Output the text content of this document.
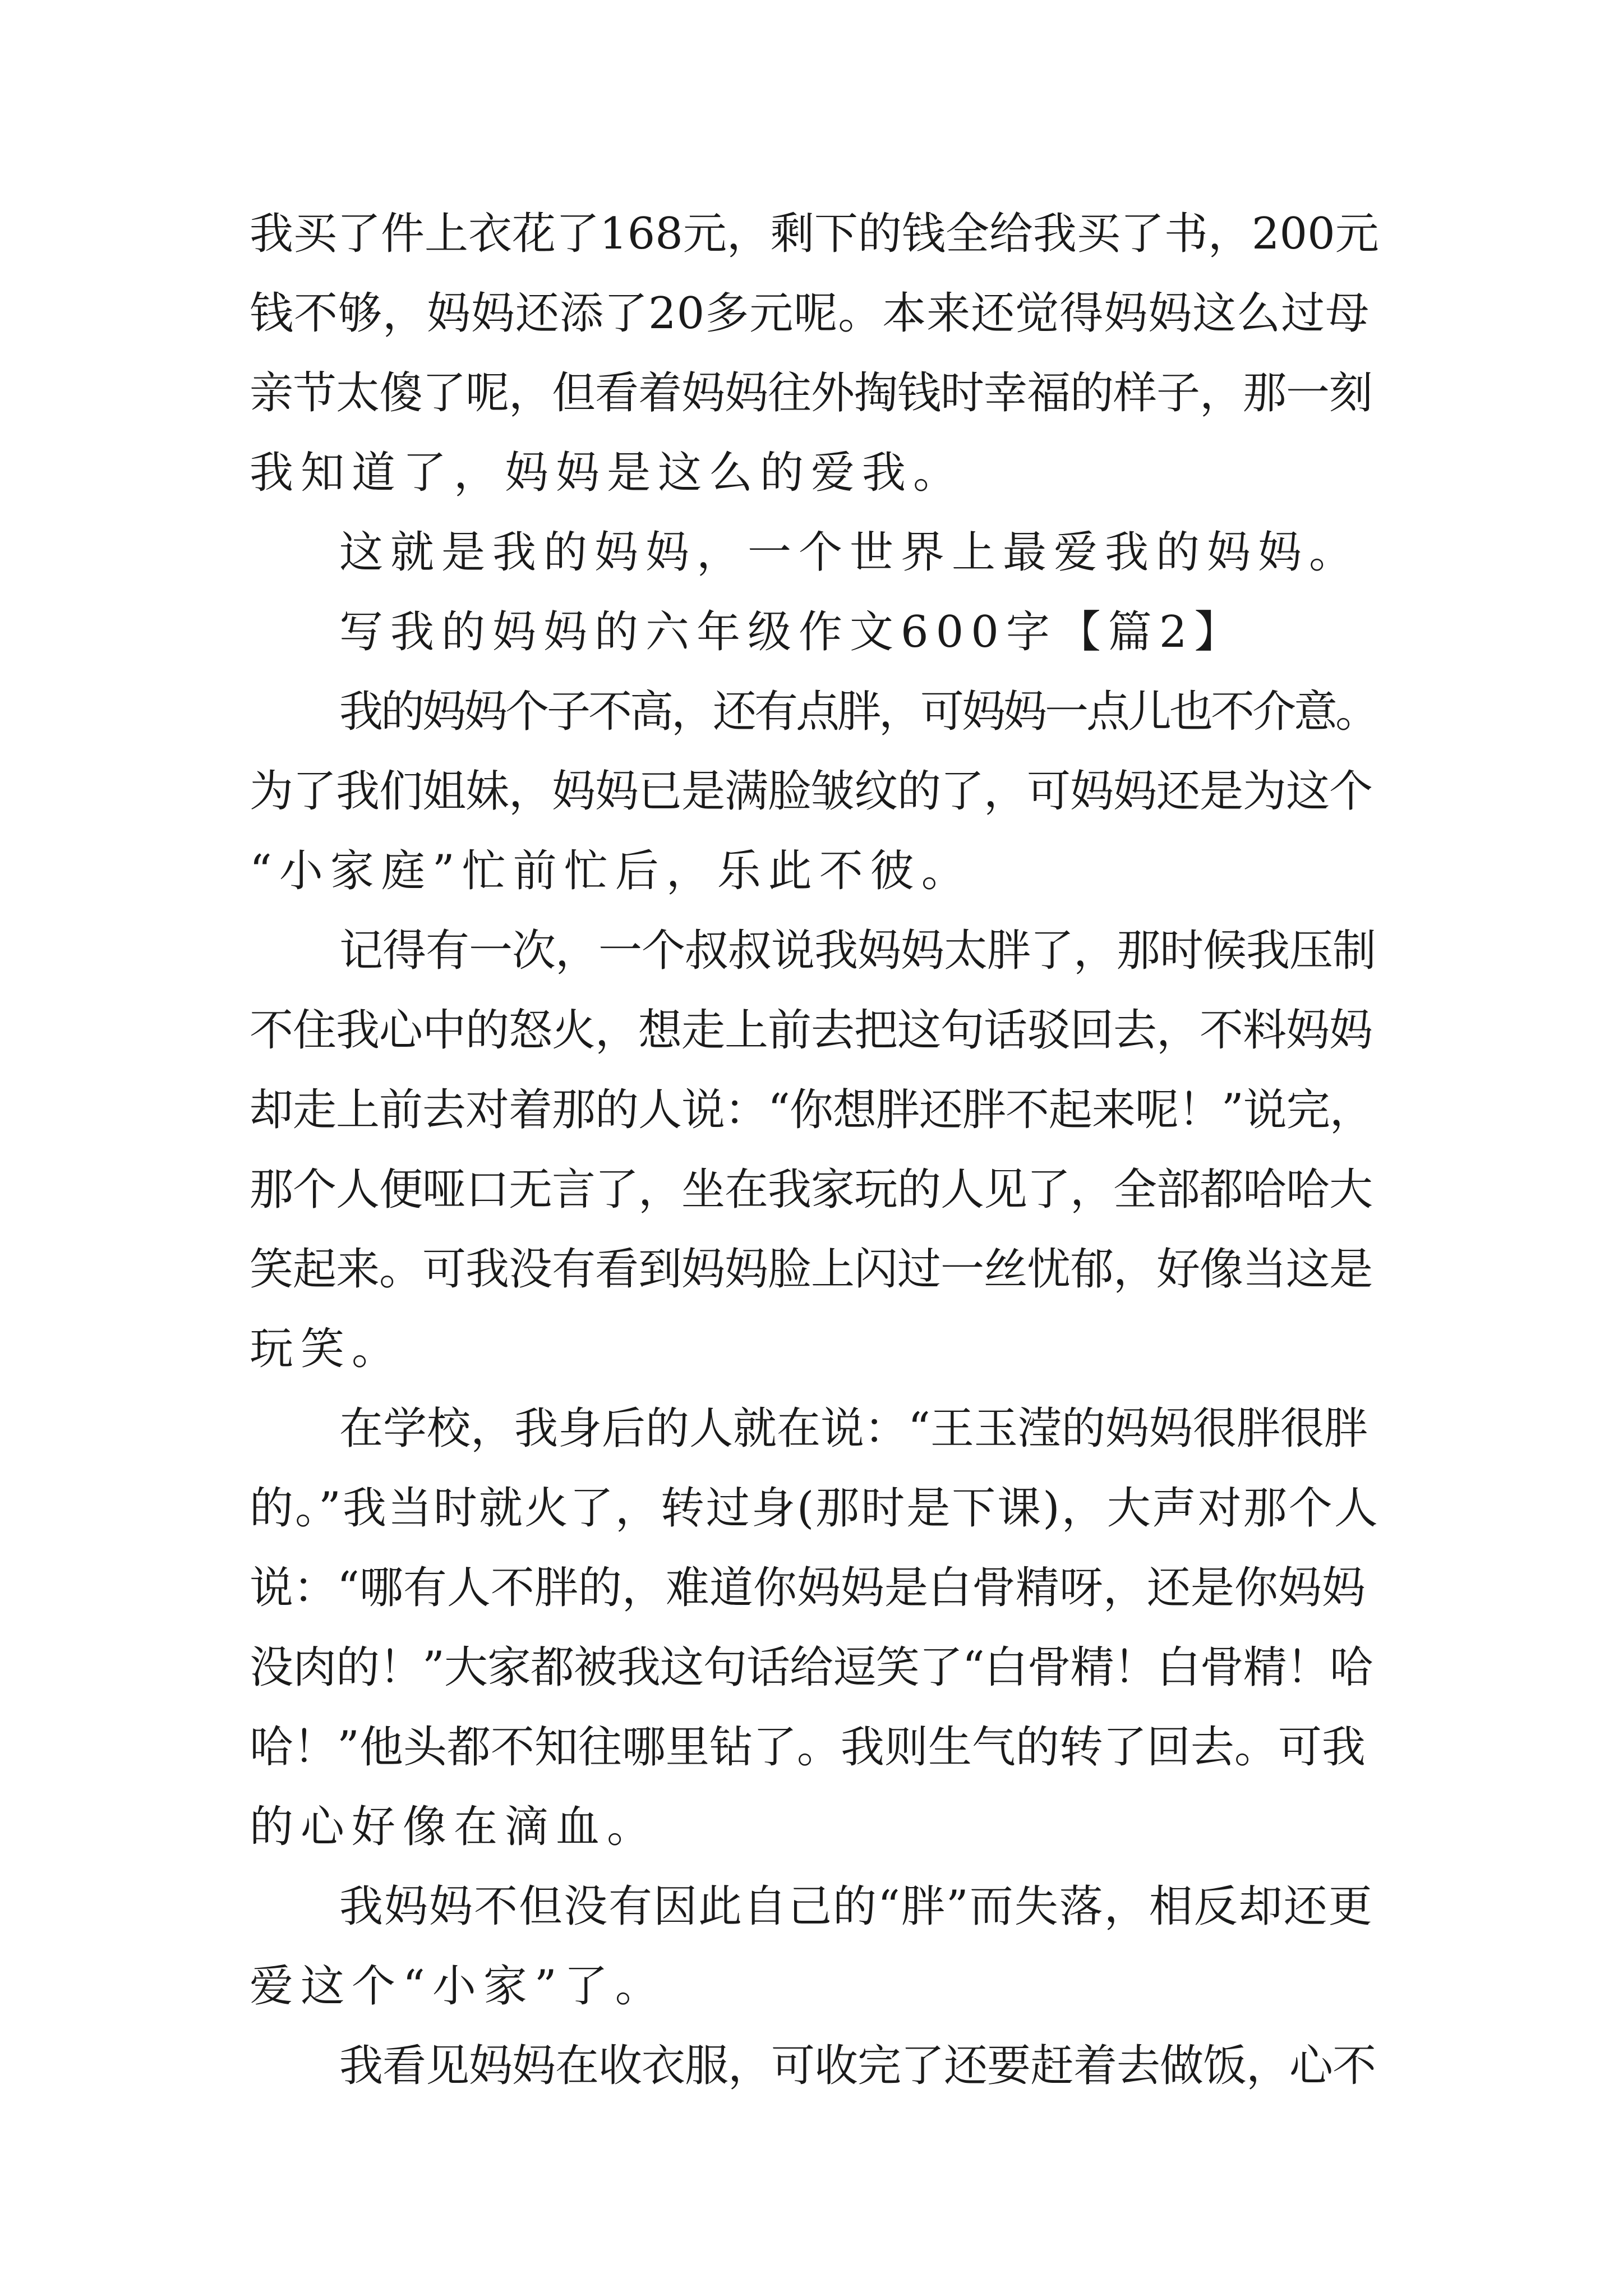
我买了件上衣花了168元，剩下的钱全给我买了书，200元
钱不够，妈妈还添了20多元呢。本来还觉得妈妈这么过母
亲节太傻了呢，但看着妈妈往外掏钱时幸福的样子，那一刻
我知道了，妈妈是这么的爱我。
这就是我的妈妈，一个世界上最爱我的妈妈。
写我的妈妈的六年级作文600字【篇2】
我的妈妈个子不高，还有点胖，可妈妈一点儿也不介意。
为了我们姐妹，妈妈已是满脸皱纹的了，可妈妈还是为这个
“小家庭”忙前忙后，乐此不彼。
记得有一次，一个叔叔说我妈妈太胖了，那时候我压制
不住我心中的怒火，想走上前去把这句话驳回去，不料妈妈
却走上前去对着那的人说：“你想胖还胖不起来呢！”说完，
那个人便哑口无言了，坐在我家玩的人见了，全部都哈哈大
笑起来。可我没有看到妈妈脸上闪过一丝忧郁，好像当这是
玩笑。
在学校，我身后的人就在说：“王玉滢的妈妈很胖很胖
的。”我当时就火了，转过身(那时是下课)，大声对那个人
说：“哪有人不胖的，难道你妈妈是白骨精呀，还是你妈妈
没肉的！”大家都被我这句话给逗笑了“白骨精！白骨精！哈
哈！”他头都不知往哪里钻了。我则生气的转了回去。可我
的心好像在滴血。
我妈妈不但没有因此自己的“胖”而失落，相反却还更
爱这个“小家”了。
我看见妈妈在收衣服，可收完了还要赶着去做饭，心不
